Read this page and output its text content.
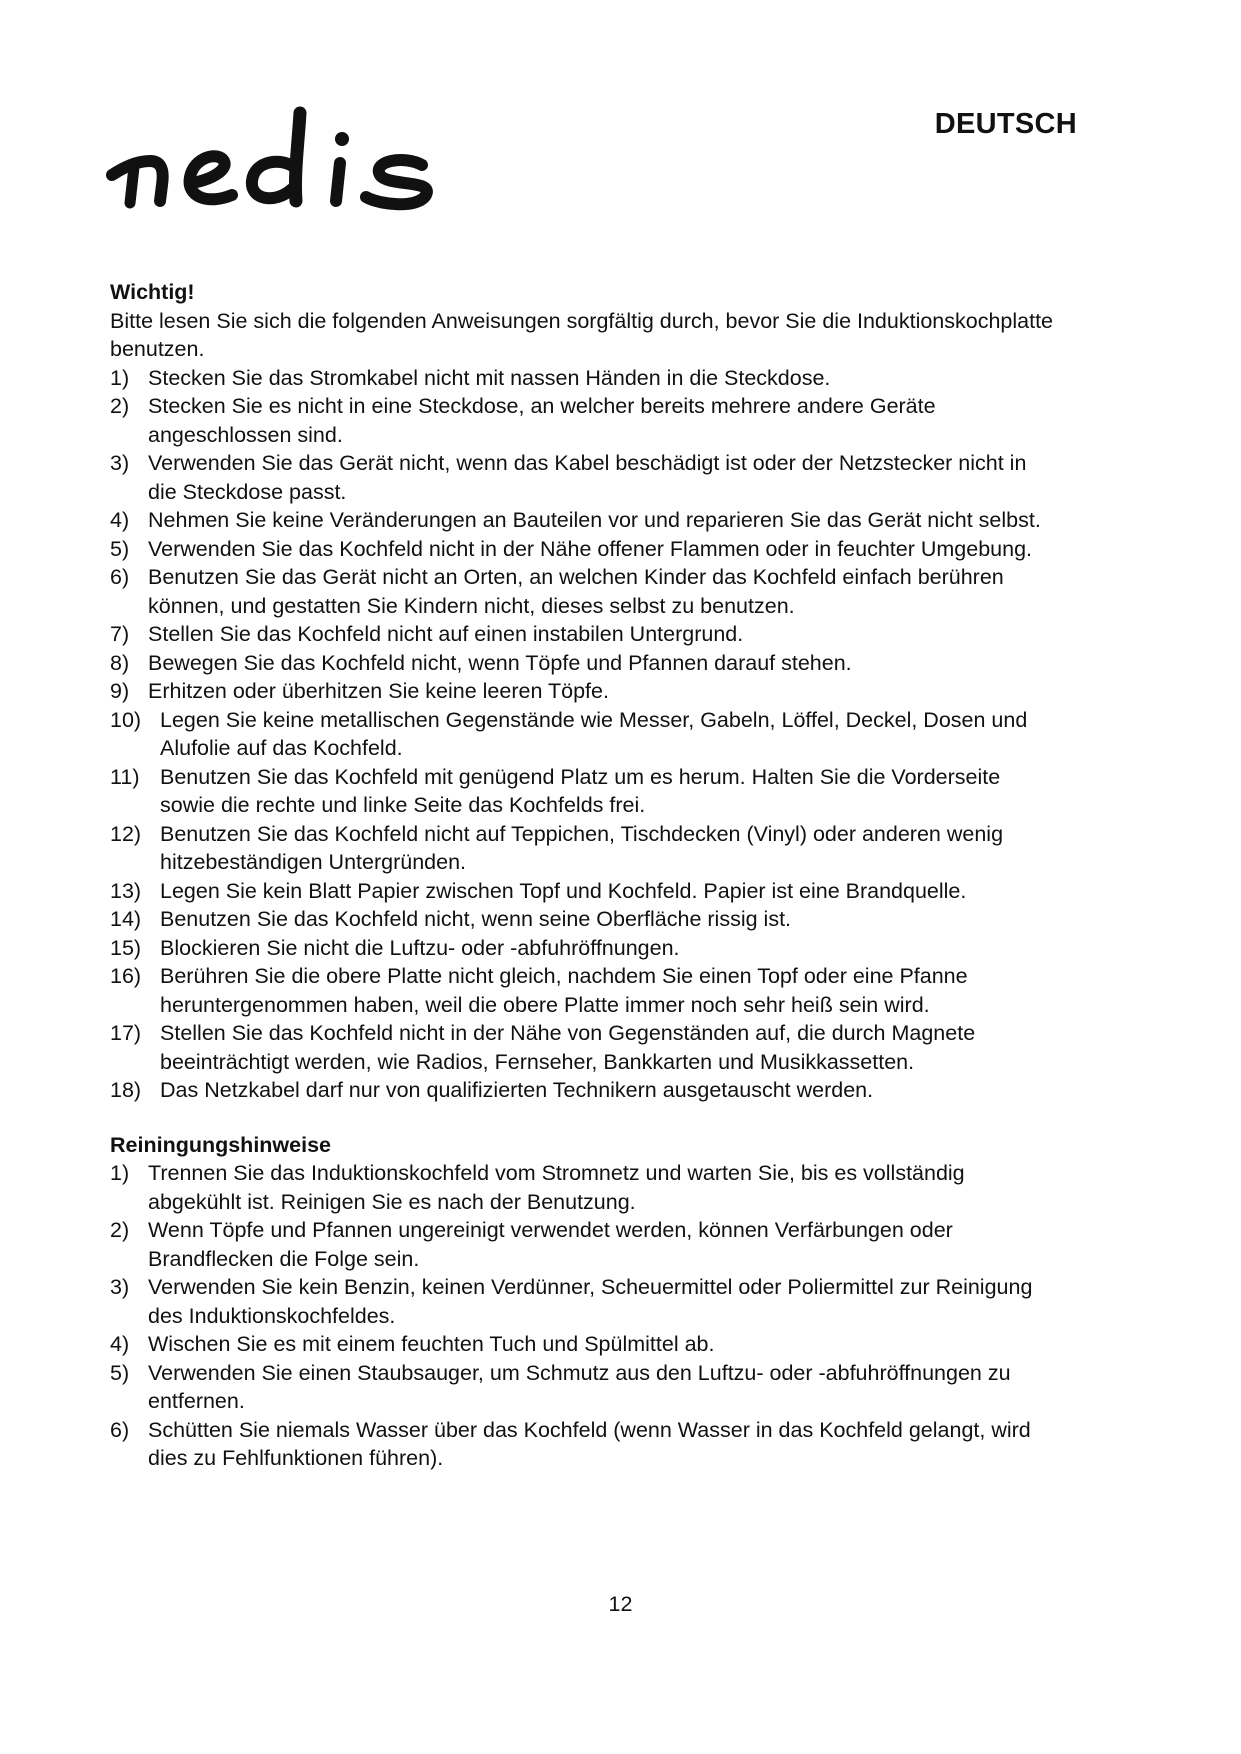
DEUTSCH
Wichtig!

Bitte lesen Sie sich die folgenden Anweisungen sorgfältig durch, bevor Sie die Induktionskochplatte benutzen.

1) Stecken Sie das Stromkabel nicht mit nassen Händen in die Steckdose.
2) Stecken Sie es nicht in eine Steckdose, an welcher bereits mehrere andere Geräte angeschlossen sind.
3) Verwenden Sie das Gerät nicht, wenn das Kabel beschädigt ist oder der Netzstecker nicht in die Steckdose passt.
4) Nehmen Sie keine Veränderungen an Bauteilen vor und reparieren Sie das Gerät nicht selbst.
5) Verwenden Sie das Kochfeld nicht in der Nähe offener Flammen oder in feuchter Umgebung.
6) Benutzen Sie das Gerät nicht an Orten, an welchen Kinder das Kochfeld einfach berühren können, und gestatten Sie Kindern nicht, dieses selbst zu benutzen.
7) Stellen Sie das Kochfeld nicht auf einen instabilen Untergrund.
8) Bewegen Sie das Kochfeld nicht, wenn Töpfe und Pfannen darauf stehen.
9) Erhitzen oder überhitzen Sie keine leeren Töpfe.
10) Legen Sie keine metallischen Gegenstände wie Messer, Gabeln, Löffel, Deckel, Dosen und Alufolie auf das Kochfeld.
11) Benutzen Sie das Kochfeld mit genügend Platz um es herum. Halten Sie die Vorderseite sowie die rechte und linke Seite das Kochfelds frei.
12) Benutzen Sie das Kochfeld nicht auf Teppichen, Tischdecken (Vinyl) oder anderen wenig hitzebeständigen Untergründen.
13) Legen Sie kein Blatt Papier zwischen Topf und Kochfeld. Papier ist eine Brandquelle.
14) Benutzen Sie das Kochfeld nicht, wenn seine Oberfläche rissig ist.
15) Blockieren Sie nicht die Luftzu- oder -abfuhröffnungen.
16) Berühren Sie die obere Platte nicht gleich, nachdem Sie einen Topf oder eine Pfanne heruntergenommen haben, weil die obere Platte immer noch sehr heiß sein wird.
17) Stellen Sie das Kochfeld nicht in der Nähe von Gegenständen auf, die durch Magnete beeinträchtigt werden, wie Radios, Fernseher, Bankkarten und Musikkassetten.
18) Das Netzkabel darf nur von qualifizierten Technikern ausgetauscht werden.
Reiningungshinweise
1) Trennen Sie das Induktionskochfeld vom Stromnetz und warten Sie, bis es vollständig abgekühlt ist. Reinigen Sie es nach der Benutzung.
2) Wenn Töpfe und Pfannen ungereinigt verwendet werden, können Verfärbungen oder Brandflecken die Folge sein.
3) Verwenden Sie kein Benzin, keinen Verdünner, Scheuermittel oder Poliermittel zur Reinigung des Induktionskochfeldes.
4) Wischen Sie es mit einem feuchten Tuch und Spülmittel ab.
5) Verwenden Sie einen Staubsauger, um Schmutz aus den Luftzu- oder -abfuhröffnungen zu entfernen.
6) Schütten Sie niemals Wasser über das Kochfeld (wenn Wasser in das Kochfeld gelangt, wird dies zu Fehlfunktionen führen).
12
